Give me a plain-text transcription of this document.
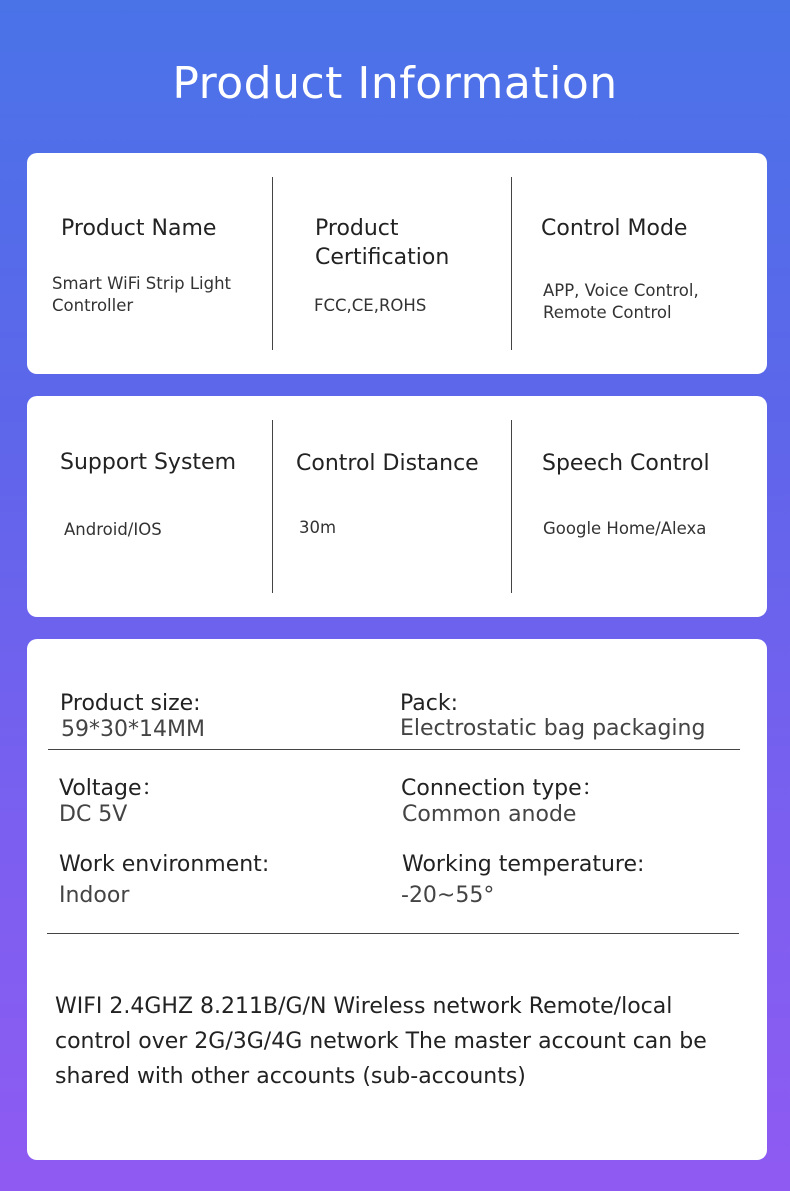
Product Information
Product Name
Smart WiFi Strip Light Controller
Product Certification
FCC,CE,ROHS
Control Mode
APP, Voice Control, Remote Control
Support System
Android/IOS
Control Distance
30m
Speech Control
Google Home/Alexa
Product size:
59*30*14MM
Pack:
Electrostatic bag packaging
Voltage：
DC 5V
Connection type：
Common anode
Work environment:
Indoor
Working temperature:
-20~55°
WIFI 2.4GHZ 8.211B/G/N Wireless network Remote/local control over 2G/3G/4G network The master account can be shared with other accounts (sub-accounts)
